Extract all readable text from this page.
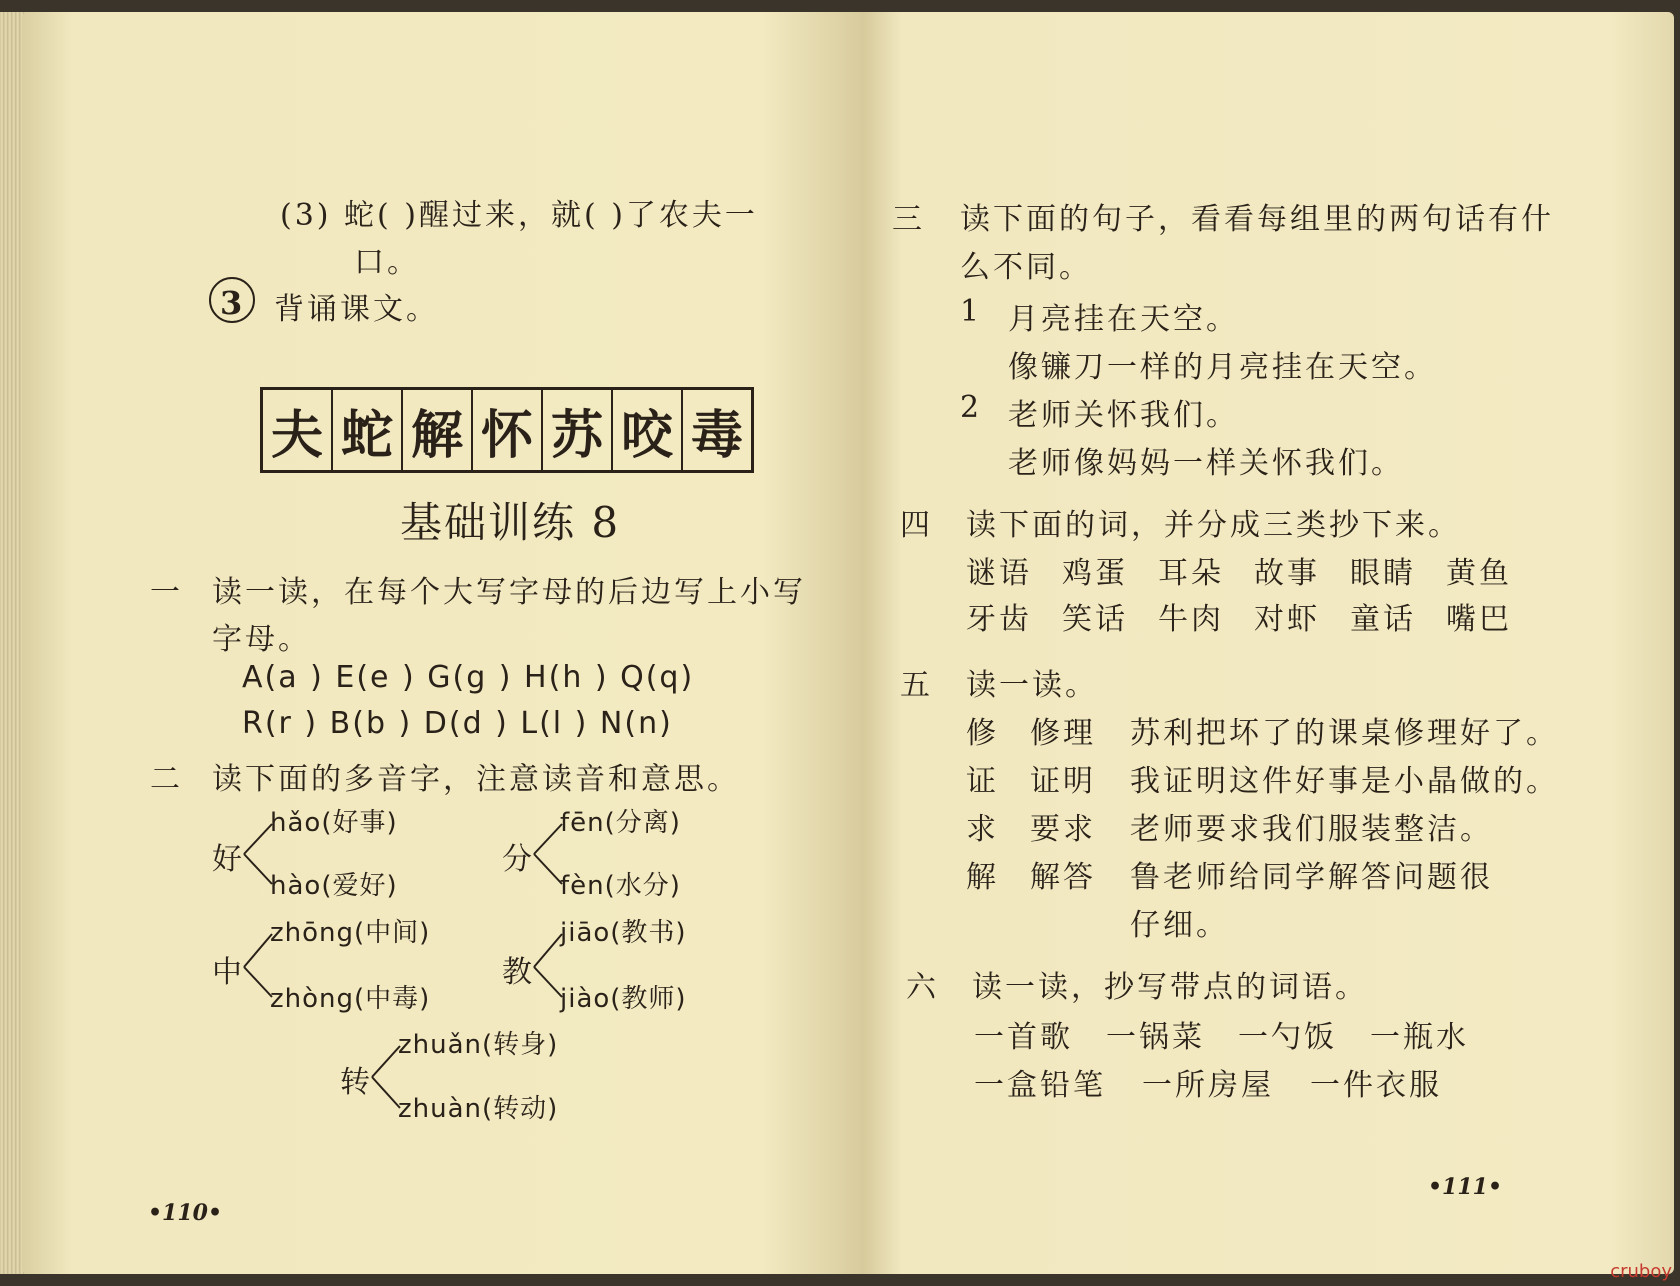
(3) 蛇( )醒过来，就( )了农夫一
口。
3 背诵课文。
夫 蛇 解 怀 苏 咬 毒
基础训练 8
一 读一读，在每个大写字母的后边写上小写
字母。
A(a ) E(e ) G(g ) H(h ) Q(q)
R(r ) B(b ) D(d ) L(l ) N(n)
二 读下面的多音字，注意读音和意思。
好
hǎo(好事)
hào(爱好)
分
fēn(分离)
fèn(水分)
中
zhōng(中间)
zhòng(中毒)
教
jiāo(教书)
jiào(教师)
转
zhuǎn(转身)
zhuàn(转动)
•110•
三 读下面的句子，看看每组里的两句话有什
么不同。
1 月亮挂在天空。
像镰刀一样的月亮挂在天空。
2 老师关怀我们。
老师像妈妈一样关怀我们。
四 读下面的词，并分成三类抄下来。
谜语 鸡蛋 耳朵 故事 眼睛 黄鱼
牙齿 笑话 牛肉 对虾 童话 嘴巴
五 读一读。
修 修理 苏利把坏了的课桌修理好了。
证 证明 我证明这件好事是小晶做的。
求 要求 老师要求我们服装整洁。
解 解答 鲁老师给同学解答问题很
仔细。
六 读一读，抄写带点的词语。
一首歌 一锅菜 一勺饭 一瓶水
一盒铅笔 一所房屋 一件衣服
•111•
cruboy
